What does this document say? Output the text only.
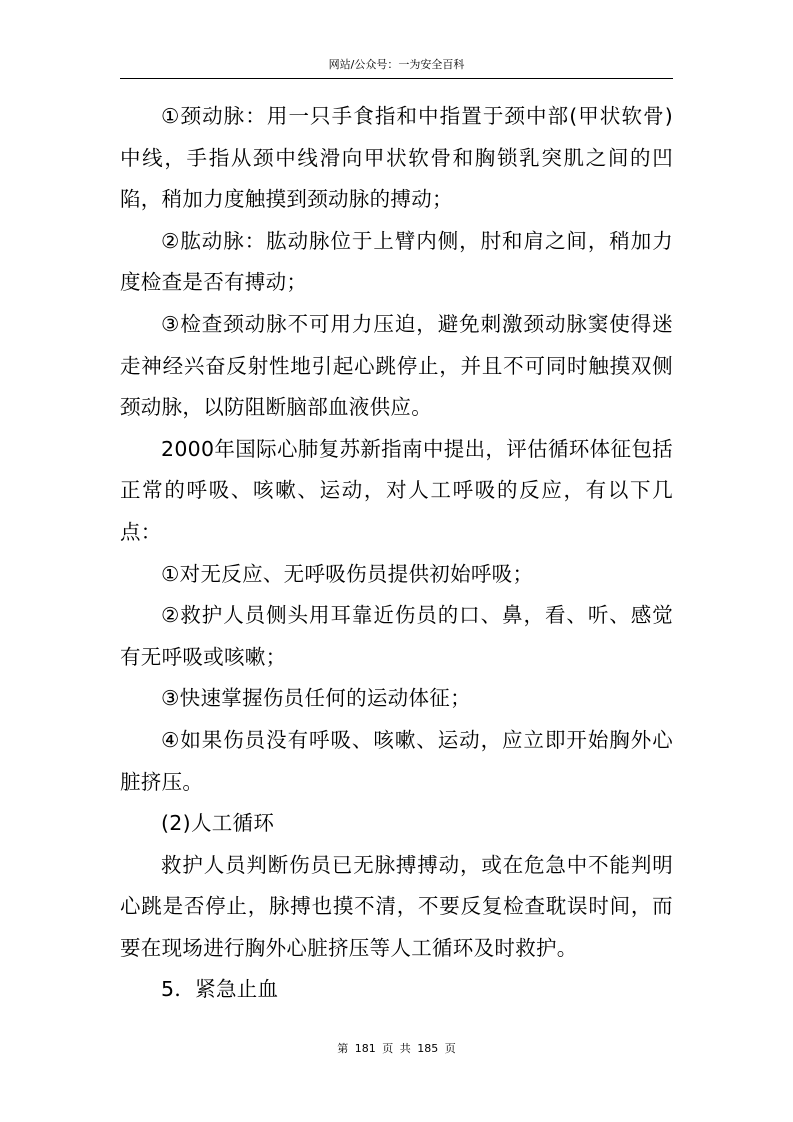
网站/公众号：一为安全百科

①颈动脉：用一只手食指和中指置于颈中部(甲状软骨)中线，手指从颈中线滑向甲状软骨和胸锁乳突肌之间的凹陷，稍加力度触摸到颈动脉的搏动；

②肱动脉：肱动脉位于上臂内侧，肘和肩之间，稍加力度检查是否有搏动；

③检查颈动脉不可用力压迫，避免刺激颈动脉窦使得迷走神经兴奋反射性地引起心跳停止，并且不可同时触摸双侧颈动脉，以防阻断脑部血液供应。

2000年国际心肺复苏新指南中提出，评估循环体征包括正常的呼吸、咳嗽、运动，对人工呼吸的反应，有以下几点：

①对无反应、无呼吸伤员提供初始呼吸；

②救护人员侧头用耳靠近伤员的口、鼻，看、听、感觉有无呼吸或咳嗽；

③快速掌握伤员任何的运动体征；

④如果伤员没有呼吸、咳嗽、运动，应立即开始胸外心脏挤压。

(2)人工循环

救护人员判断伤员已无脉搏搏动，或在危急中不能判明心跳是否停止，脉搏也摸不清，不要反复检查耽误时间，而要在现场进行胸外心脏挤压等人工循环及时救护。

5．紧急止血

第 181 页 共 185 页
